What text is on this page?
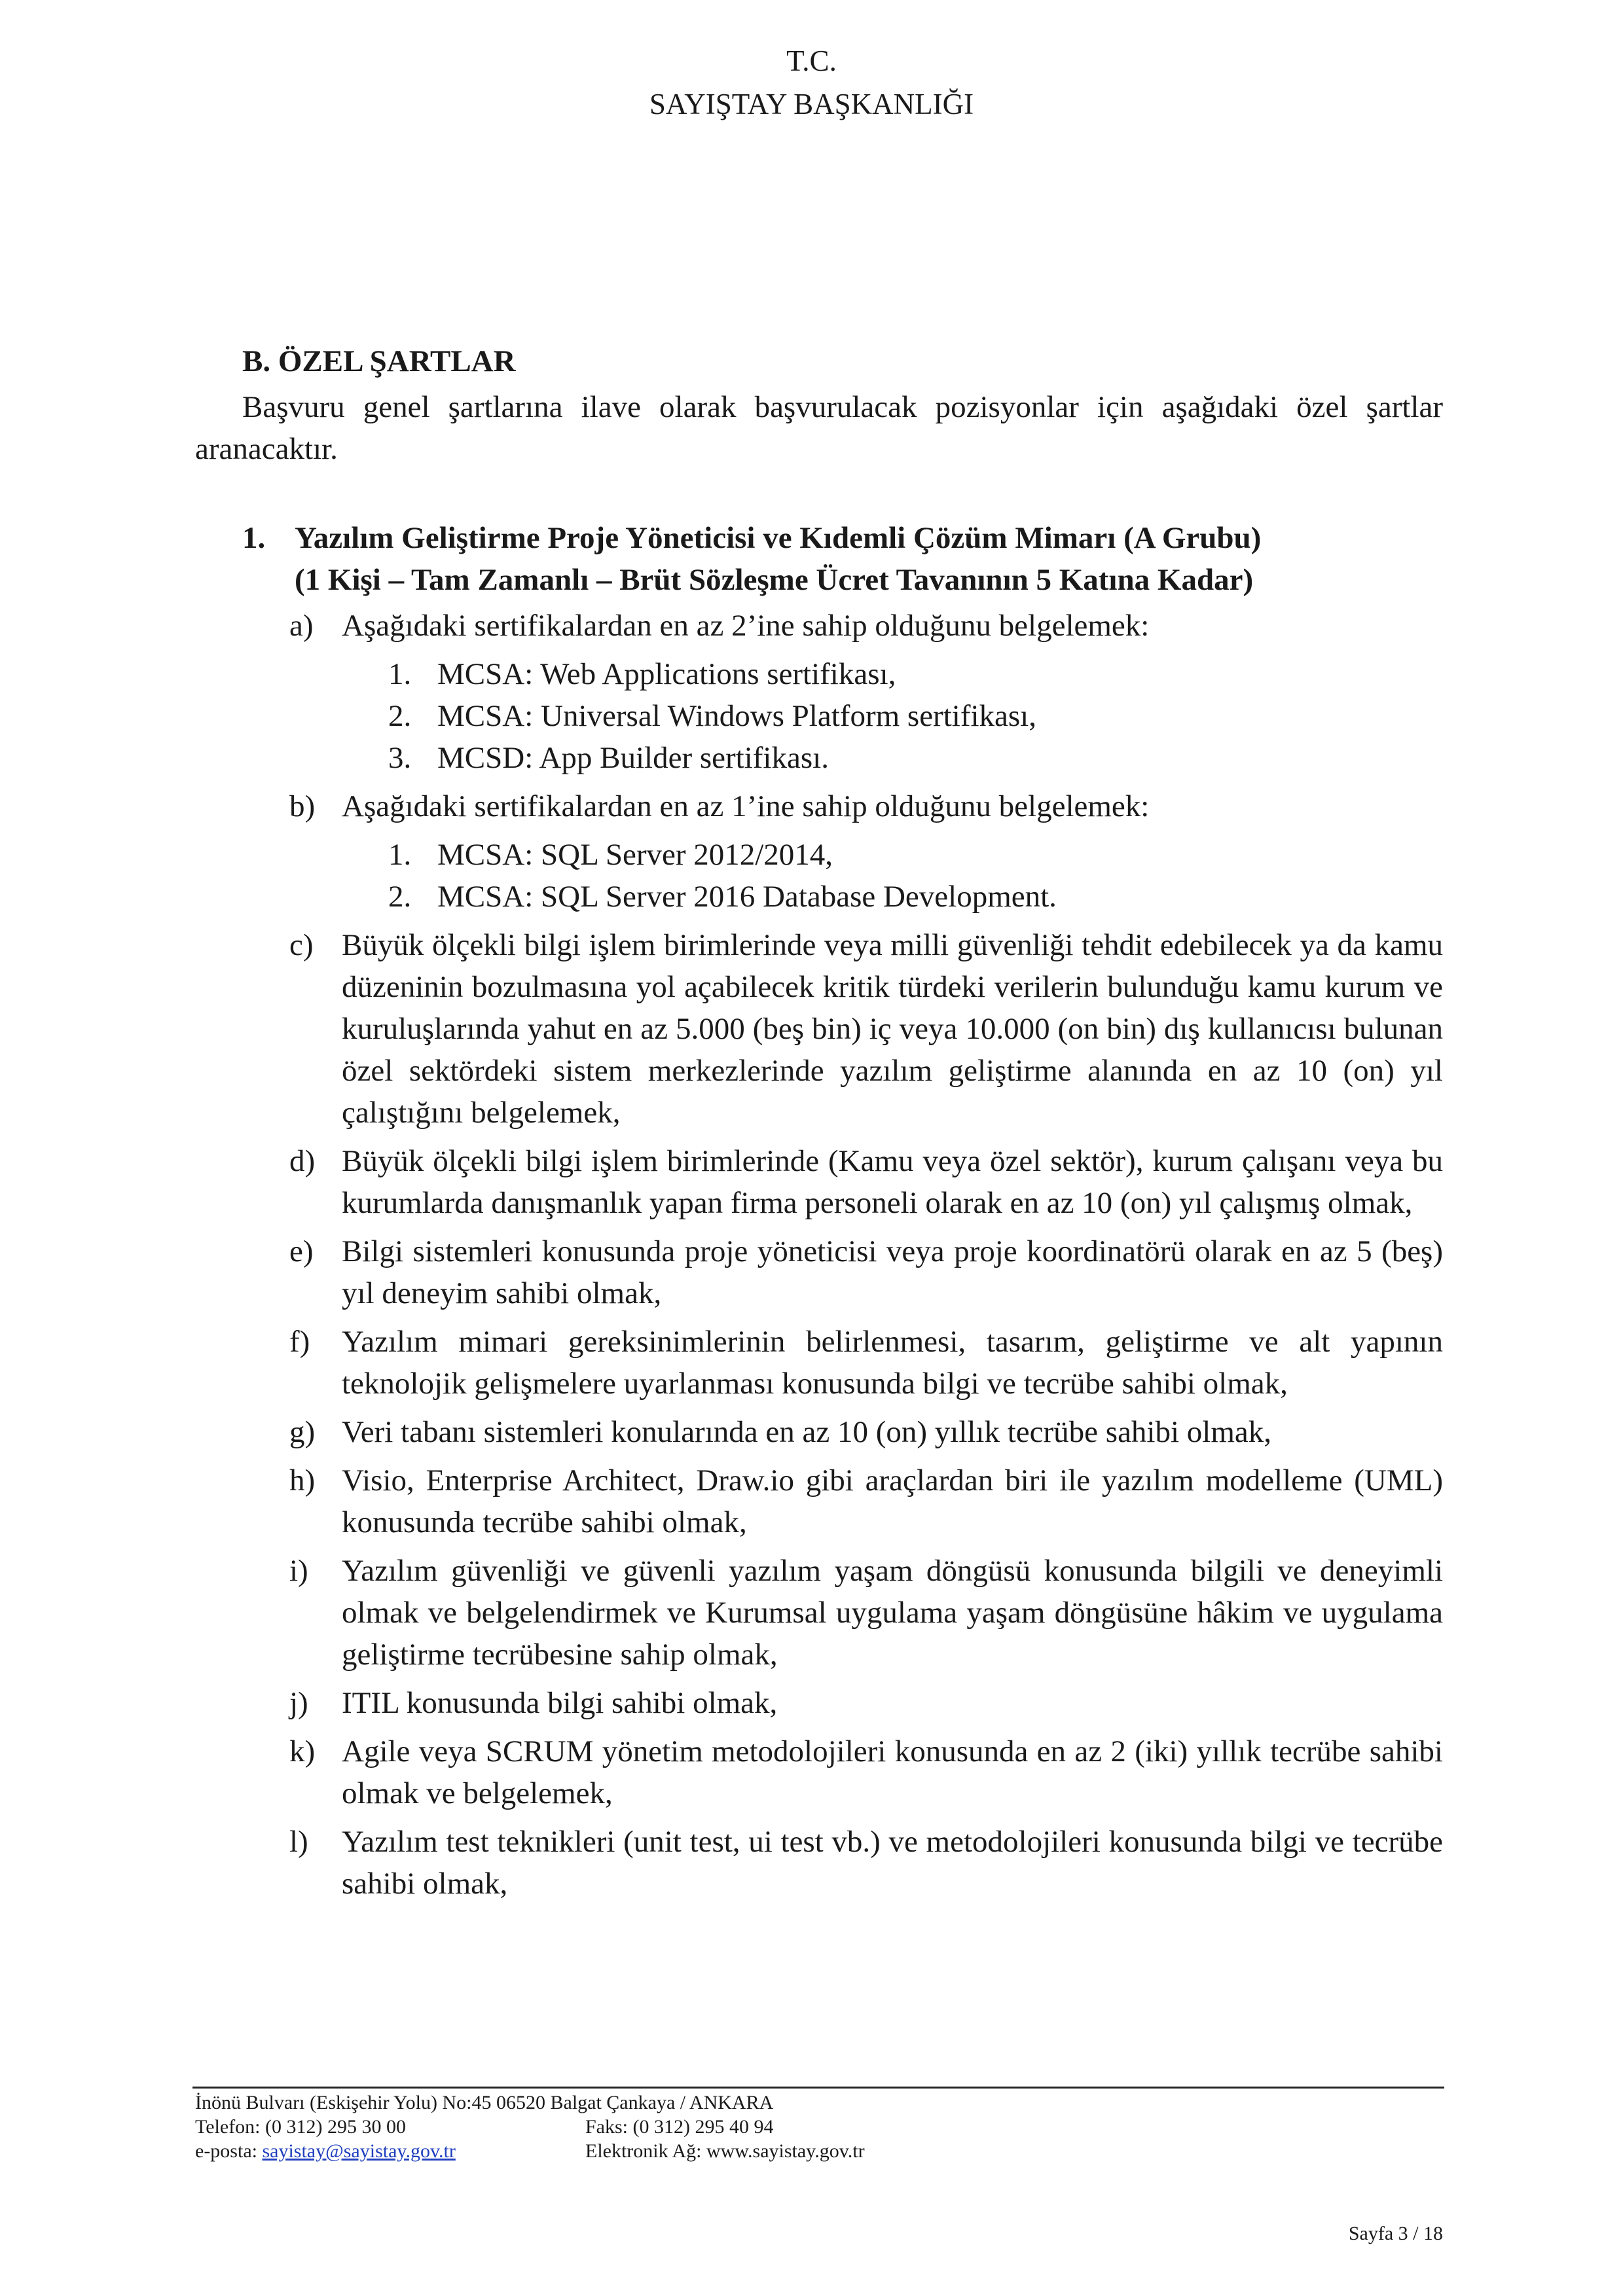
T.C.
SAYIŞTAY BAŞKANLIĞI
B. ÖZEL ŞARTLAR
Başvuru genel şartlarına ilave olarak başvurulacak pozisyonlar için aşağıdaki özel şartlar aranacaktır.
1. Yazılım Geliştirme Proje Yöneticisi ve Kıdemli Çözüm Mimarı (A Grubu)
(1 Kişi – Tam Zamanlı – Brüt Sözleşme Ücret Tavanının 5 Katına Kadar)
a) Aşağıdaki sertifikalardan en az 2’ine sahip olduğunu belgelemek:
1. MCSA: Web Applications sertifikası,
2. MCSA: Universal Windows Platform sertifikası,
3. MCSD: App Builder sertifikası.
b) Aşağıdaki sertifikalardan en az 1’ine sahip olduğunu belgelemek:
1. MCSA: SQL Server 2012/2014,
2. MCSA: SQL Server 2016 Database Development.
c) Büyük ölçekli bilgi işlem birimlerinde veya milli güvenliği tehdit edebilecek ya da kamu düzeninin bozulmasına yol açabilecek kritik türdeki verilerin bulunduğu kamu kurum ve kuruluşlarında yahut en az 5.000 (beş bin) iç veya 10.000 (on bin) dış kullanıcısı bulunan özel sektördeki sistem merkezlerinde yazılım geliştirme alanında en az 10 (on) yıl çalıştığını belgelemek,
d) Büyük ölçekli bilgi işlem birimlerinde (Kamu veya özel sektör), kurum çalışanı veya bu kurumlarda danışmanlık yapan firma personeli olarak en az 10 (on) yıl çalışmış olmak,
e) Bilgi sistemleri konusunda proje yöneticisi veya proje koordinatörü olarak en az 5 (beş) yıl deneyim sahibi olmak,
f) Yazılım mimari gereksinimlerinin belirlenmesi, tasarım, geliştirme ve alt yapının teknolojik gelişmelere uyarlanması konusunda bilgi ve tecrübe sahibi olmak,
g) Veri tabanı sistemleri konularında en az 10 (on) yıllık tecrübe sahibi olmak,
h) Visio, Enterprise Architect, Draw.io gibi araçlardan biri ile yazılım modelleme (UML) konusunda tecrübe sahibi olmak,
i) Yazılım güvenliği ve güvenli yazılım yaşam döngüsü konusunda bilgili ve deneyimli olmak ve belgelendirmek ve Kurumsal uygulama yaşam döngüsüne hâkim ve uygulama geliştirme tecrübesine sahip olmak,
j) ITIL konusunda bilgi sahibi olmak,
k) Agile veya SCRUM yönetim metodolojileri konusunda en az 2 (iki) yıllık tecrübe sahibi olmak ve belgelemek,
l) Yazılım test teknikleri (unit test, ui test vb.) ve metodolojileri konusunda bilgi ve tecrübe sahibi olmak,
İnönü Bulvarı (Eskişehir Yolu) No:45 06520 Balgat Çankaya / ANKARA
Telefon: (0 312) 295 30 00	Faks: (0 312) 295 40 94
e-posta: sayistay@sayistay.gov.tr	Elektronik Ağ: www.sayistay.gov.tr
Sayfa 3 / 18
